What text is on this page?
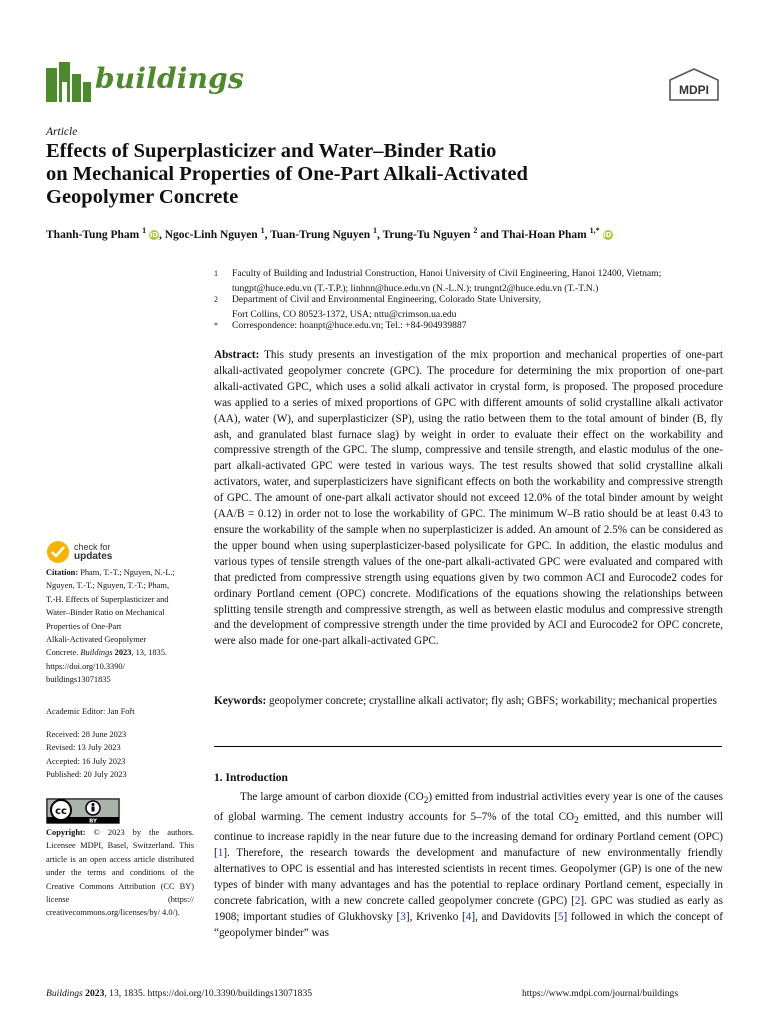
buildings	MDPI
Article
Effects of Superplasticizer and Water–Binder Ratio
on Mechanical Properties of One-Part Alkali-Activated
Geopolymer Concrete
Thanh-Tung Pham $^1$ iD, Ngoc-Linh Nguyen $^1$, Tuan-Trung Nguyen $^1$, Trung-Tu Nguyen $^2$ and Thai-Hoan Pham $^{1,*}$ iD
1 Faculty of Building and Industrial Construction, Hanoi University of Civil Engineering, Hanoi 12400, Vietnam;
tungpt@huce.edu.vn (T.-T.P.); linhnn@huce.edu.vn (N.-L.N.); trungnt2@huce.edu.vn (T.-T.N.)
2 Department of Civil and Environmental Engineering, Colorado State University,
Fort Collins, CO 80523-1372, USA; nttu@crimson.ua.edu
* Correspondence: hoanpt@huce.edu.vn; Tel.: +84-904939887
Abstract: This study presents an investigation of the mix proportion and mechanical properties of one-part alkali-activated geopolymer concrete (GPC). The procedure for determining the mix proportion of one-part alkali-activated GPC, which uses a solid alkali activator in crystal form, is proposed. The proposed procedure was applied to a series of mixed proportions of GPC with different amounts of solid crystalline alkali activator (AA), water (W), and superplasticizer (SP), using the ratio between them to the total amount of binder (B, fly ash, and granulated blast furnace slag) by weight in order to evaluate their effect on the workability and compressive strength of the GPC. The slump, compressive and tensile strength, and elastic modulus of the one-part alkali-activated GPC were tested in various ways. The test results showed that solid crystalline alkali activators, water, and superplasticizers have significant effects on both the workability and compressive strength of GPC. The amount of one-part alkali activator should not exceed 12.0% of the total binder amount by weight (AA/B = 0.12) in order not to lose the workability of GPC. The minimum W–B ratio should be at least 0.43 to ensure the workability of the sample when no superplasticizer is added. An amount of 2.5% can be considered as the upper bound when using superplasticizer-based polysilicate for GPC. In addition, the elastic modulus and various types of tensile strength values of the one-part alkali-activated GPC were evaluated and compared with that predicted from compressive strength using equations given by two common ACI and Eurocode2 codes for ordinary Portland cement (OPC) concrete. Modifications of the equations showing the relationships between splitting tensile strength and compressive strength, as well as between elastic modulus and compressive strength and the development of compressive strength under the time provided by ACI and Eurocode2 for OPC concrete, were also made for one-part alkali-activated GPC.
Keywords: geopolymer concrete; crystalline alkali activator; fly ash; GBFS; workability; mechanical properties
1. Introduction
The large amount of carbon dioxide $(CO_2)$ emitted from industrial activities every year is one of the causes of global warming. The cement industry accounts for 5–7% of the total $CO_2$ emitted, and this number will continue to increase rapidly in the near future due to the increasing demand for ordinary Portland cement (OPC) [1]. Therefore, the research towards the development and manufacture of new environmentally friendly alternatives to OPC is essential and has interested scientists in recent times. Geopolymer (GP) is one of the new types of binder with many advantages and has the potential to replace ordinary Portland cement, especially in concrete fabrication, with a new concrete called geopolymer concrete (GPC) [2]. GPC was studied as early as 1908; important studies of Glukhovsky [3], Krivenko [4], and Davidovits [5] followed in which the concept of “geopolymer binder” was
check for
updates
Citation: Pham, T.-T.; Nguyen, N.-L.;
Nguyen, T.-T.; Nguyen, T.-T.; Pham,
T.-H. Effects of Superplasticizer and
Water–Binder Ratio on Mechanical
Properties of One-Part
Alkali-Activated Geopolymer
Concrete. Buildings 2023, 13, 1835.
https://doi.org/10.3390/
buildings13071835
Academic Editor: Jan Fořt
Received: 28 June 2023
Revised: 13 July 2023
Accepted: 16 July 2023
Published: 20 July 2023
cc
BY
Copyright: © 2023 by the authors. Licensee MDPI, Basel, Switzerland. This article is an open access article distributed under the terms and conditions of the Creative Commons Attribution (CC BY) license (https:// creativecommons.org/licenses/by/ 4.0/).
Buildings 2023, 13, 1835. https://doi.org/10.3390/buildings13071835	https://www.mdpi.com/journal/buildings
